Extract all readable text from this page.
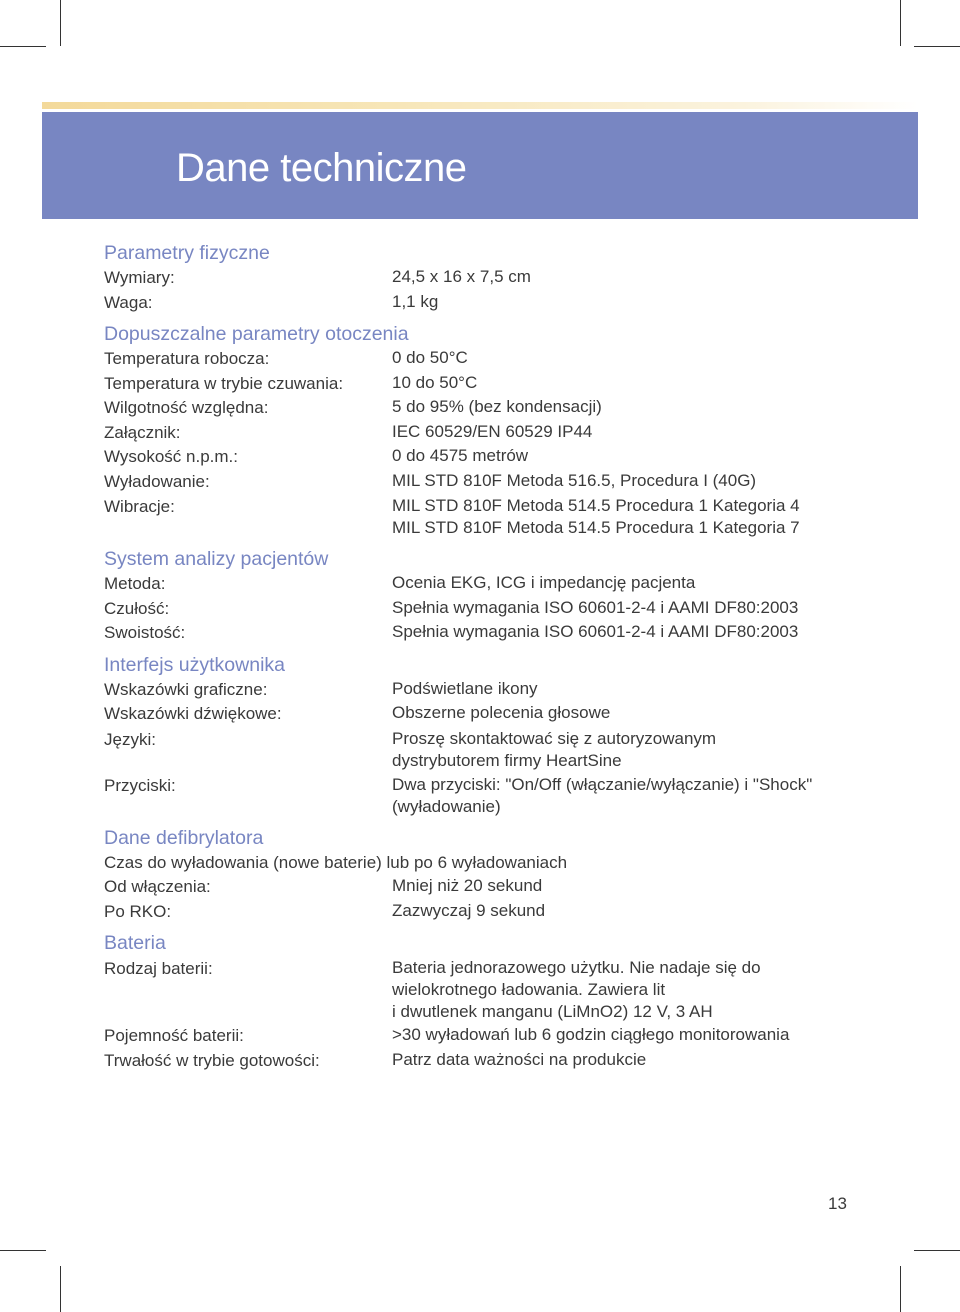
Dane techniczne
Parametry fizyczne
Wymiary:	24,5 x 16 x 7,5 cm
Waga:	1,1 kg
Dopuszczalne parametry otoczenia
Temperatura robocza:	0 do 50°C
Temperatura w trybie czuwania:	10 do 50°C
Wilgotność względna:	5 do 95% (bez kondensacji)
Załącznik:	IEC 60529/EN 60529 IP44
Wysokość n.p.m.:	0 do 4575 metrów
Wyładowanie:	MIL STD 810F Metoda 516.5, Procedura I (40G)
Wibracje:	MIL STD 810F Metoda 514.5 Procedura 1 Kategoria 4
MIL STD 810F Metoda 514.5 Procedura 1 Kategoria 7
System analizy pacjentów
Metoda:	Ocenia EKG, ICG i impedancję pacjenta
Czułość:	Spełnia wymagania ISO 60601-2-4 i AAMI DF80:2003
Swoistość:	Spełnia wymagania ISO 60601-2-4 i AAMI DF80:2003
Interfejs użytkownika
Wskazówki graficzne:	Podświetlane ikony
Wskazówki dźwiękowe:	Obszerne polecenia głosowe
Języki:	Proszę skontaktować się z autoryzowanym
dystrybutorem firmy HeartSine
Przyciski:	Dwa przyciski: "On/Off (włączanie/wyłączanie) i "Shock"
(wyładowanie)
Dane defibrylatora
Czas do wyładowania (nowe baterie) lub po 6 wyładowaniach
Od włączenia:	Mniej niż 20 sekund
Po RKO:	Zazwyczaj 9 sekund
Bateria
Rodzaj baterii:	Bateria jednorazowego użytku. Nie nadaje się do
wielokrotnego ładowania. Zawiera lit
i dwutlenek manganu (LiMnO2) 12 V, 3 AH
Pojemność baterii:	>30 wyładowań lub 6 godzin ciągłego monitorowania
Trwałość w trybie gotowości:	Patrz data ważności na produkcie
13
